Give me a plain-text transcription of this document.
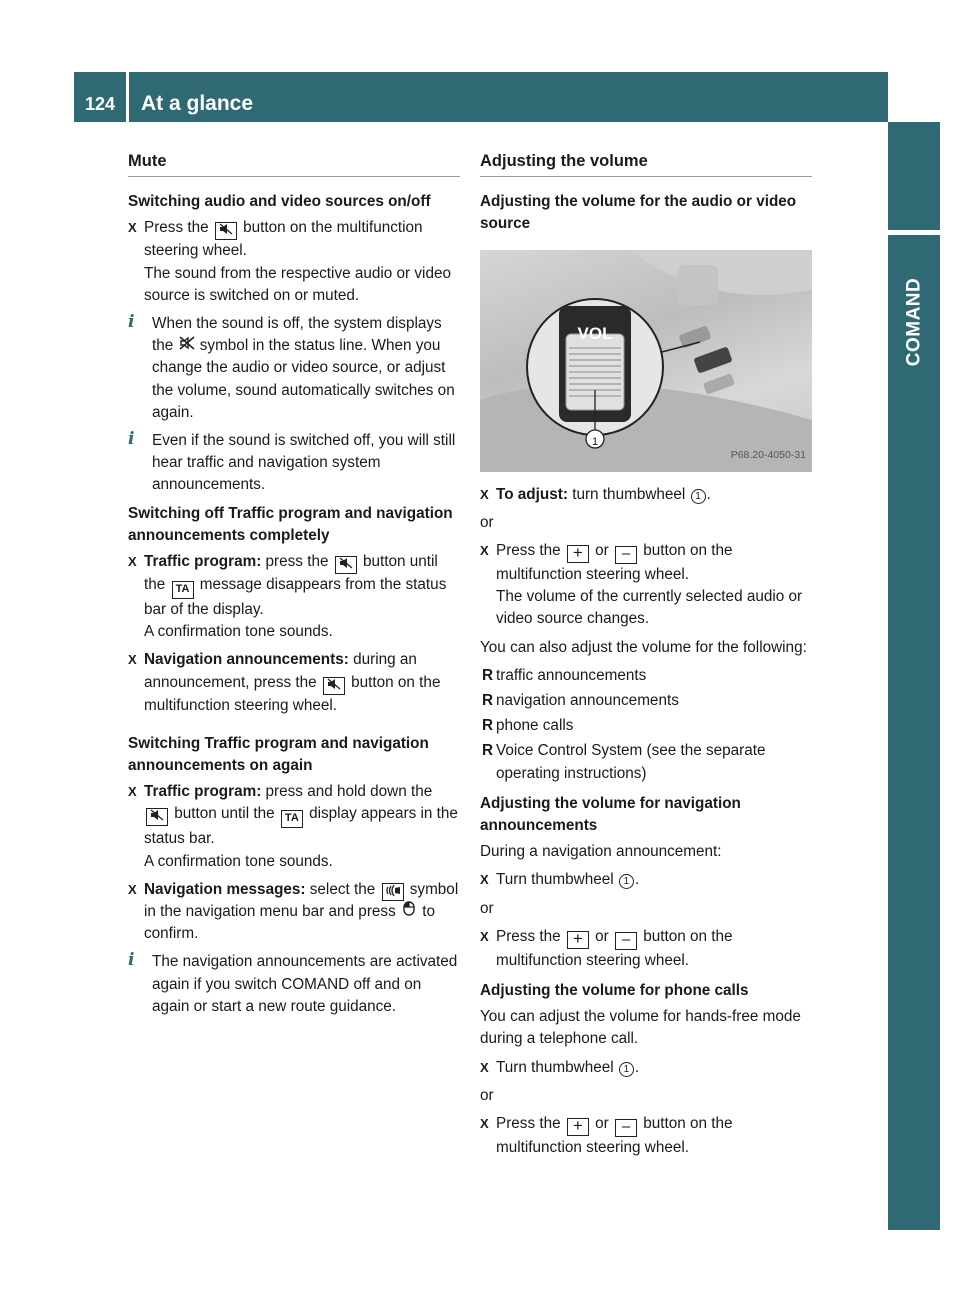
124	At a glance
COMAND
Mute
Switching audio and video sources on/off
X Press the button on the multifunction steering wheel.
The sound from the respective audio or video source is switched on or muted.
i	When the sound is off, the system displays the symbol in the status line. When you change the audio or video source, or adjust the volume, sound automatically switches on again.
i	Even if the sound is switched off, you will still hear traffic and navigation system announcements.
Switching off Traffic program and navigation announcements completely
X Traffic program: press the button until the TA message disappears from the status bar of the display.
A confirmation tone sounds.
X Navigation announcements: during an announcement, press the button on the multifunction steering wheel.
Switching Traffic program and navigation announcements on again
X Traffic program: press and hold down the  button until the TA display appears in the status bar.
A confirmation tone sounds.
X Navigation messages: select the symbol in the navigation menu bar and press to confirm.
i	The navigation announcements are activated again if you switch COMAND off and on again or start a new route guidance.
Adjusting the volume
Adjusting the volume for the audio or video source
VOL
1
P68.20-4050-31
X To adjust: turn thumbwheel 1 .
or
X Press the + or – button on the multifunction steering wheel.
The volume of the currently selected audio or video source changes.
You can also adjust the volume for the following:
R traffic announcements
R navigation announcements
R phone calls
R Voice Control System (see the separate operating instructions)
Adjusting the volume for navigation announcements
During a navigation announcement:
X Turn thumbwheel 1 .
or
X Press the + or – button on the multifunction steering wheel.
Adjusting the volume for phone calls
You can adjust the volume for hands-free mode during a telephone call.
X Turn thumbwheel 1 .
or
X Press the + or – button on the multifunction steering wheel.
